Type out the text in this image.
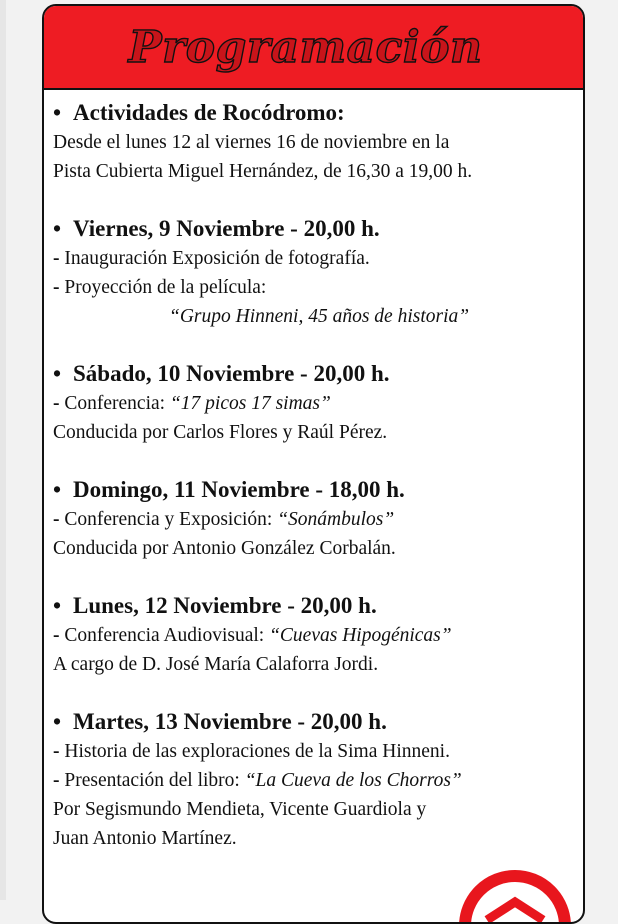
Programación
• Actividades de Rocódromo:
Desde el lunes 12 al viernes 16 de noviembre en la
Pista Cubierta Miguel Hernández, de 16,30 a 19,00 h.
• Viernes, 9 Noviembre - 20,00 h.
- Inauguración Exposición de fotografía.
- Proyección de la película:
“Grupo Hinneni, 45 años de historia”
• Sábado, 10 Noviembre - 20,00 h.
- Conferencia: “17 picos 17 simas”
Conducida por Carlos Flores y Raúl Pérez.
• Domingo, 11 Noviembre - 18,00 h.
- Conferencia y Exposición: “Sonámbulos”
Conducida por Antonio González Corbalán.
• Lunes, 12 Noviembre - 20,00 h.
- Conferencia Audiovisual: “Cuevas Hipogénicas”
A cargo de D. José María Calaforra Jordi.
• Martes, 13 Noviembre - 20,00 h.
- Historia de las exploraciones de la Sima Hinneni.
- Presentación del libro: “La Cueva de los Chorros”
Por Segismundo Mendieta, Vicente Guardiola y
Juan Antonio Martínez.
